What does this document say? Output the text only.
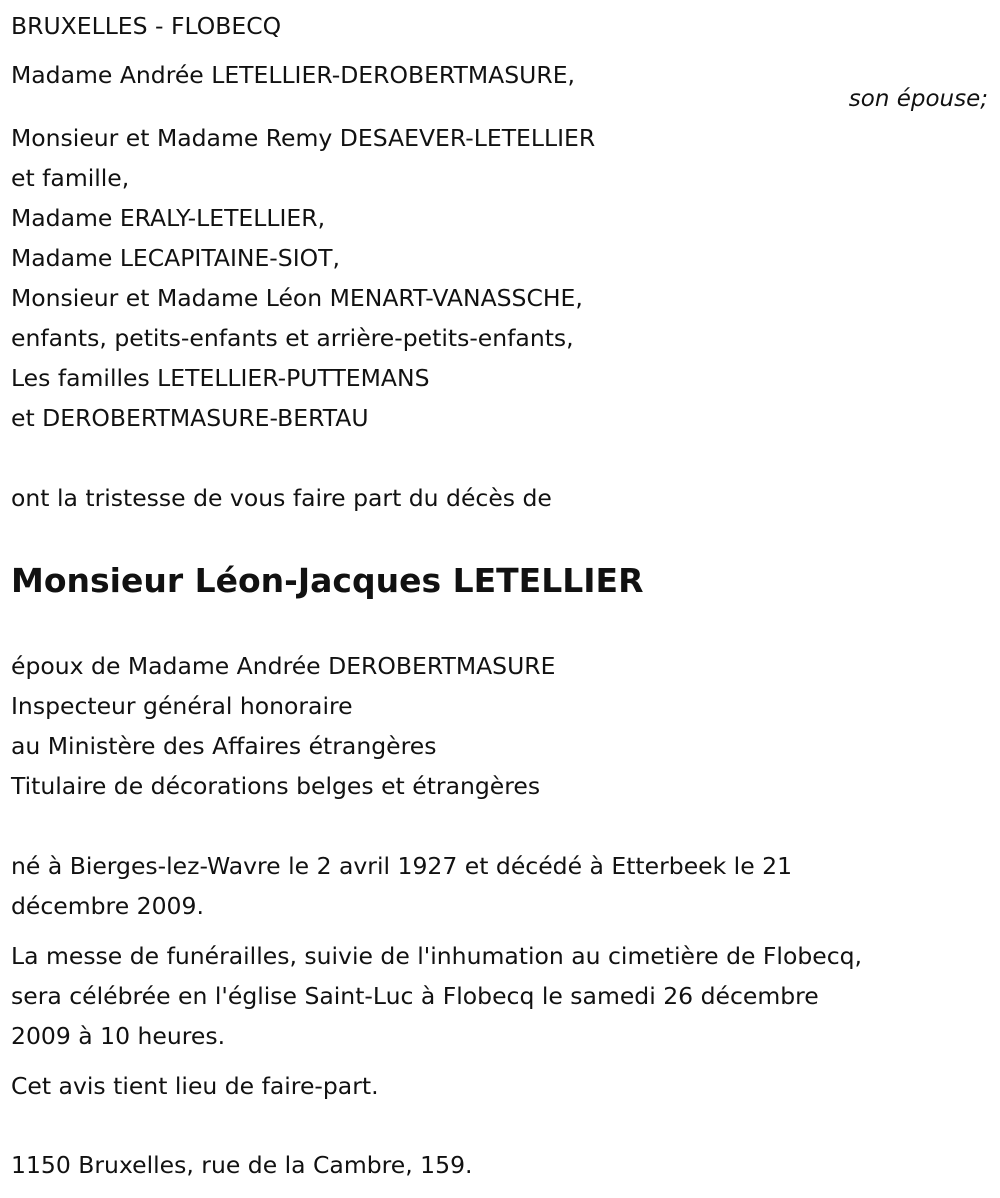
BRUXELLES - FLOBECQ
Madame Andrée LETELLIER-DEROBERTMASURE,
son épouse;
Monsieur et Madame Remy DESAEVER-LETELLIER
et famille,
Madame ERALY-LETELLIER,
Madame LECAPITAINE-SIOT,
Monsieur et Madame Léon MENART-VANASSCHE,
enfants, petits-enfants et arrière-petits-enfants,
Les familles LETELLIER-PUTTEMANS
et DEROBERTMASURE-BERTAU
ont la tristesse de vous faire part du décès de
Monsieur Léon-Jacques LETELLIER
époux de Madame Andrée DEROBERTMASURE
Inspecteur général honoraire
au Ministère des Affaires étrangères
Titulaire de décorations belges et étrangères
né à Bierges-lez-Wavre le 2 avril 1927 et décédé à Etterbeek le 21
décembre 2009.
La messe de funérailles, suivie de l'inhumation au cimetière de Flobecq,
sera célébrée en l'église Saint-Luc à Flobecq le samedi 26 décembre
2009 à 10 heures.
Cet avis tient lieu de faire-part.
1150 Bruxelles, rue de la Cambre, 159.
